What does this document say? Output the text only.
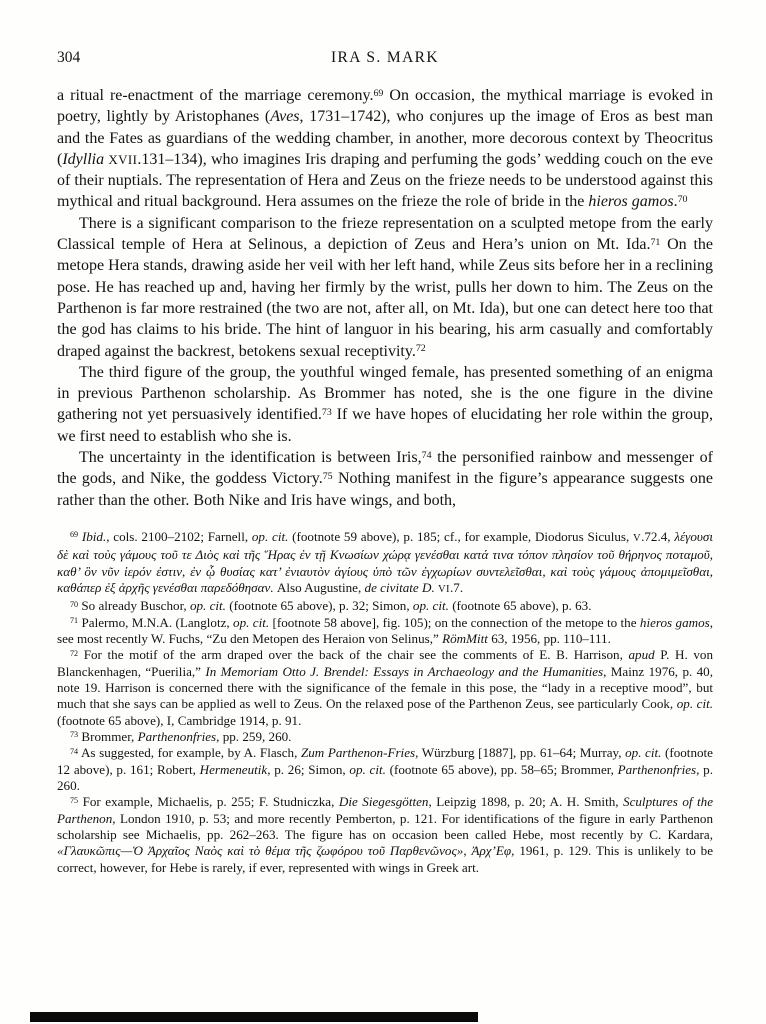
304	IRA S. MARK

a ritual re-enactment of the marriage ceremony.$^{69}$ On occasion, the mythical marriage is evoked in poetry, lightly by Aristophanes (Aves, 1731–1742), who conjures up the image of Eros as best man and the Fates as guardians of the wedding chamber, in another, more decorous context by Theocritus (Idyllia XVII.131–134), who imagines Iris draping and perfuming the gods’ wedding couch on the eve of their nuptials. The representation of Hera and Zeus on the frieze needs to be understood against this mythical and ritual background. Hera assumes on the frieze the role of bride in the hieros gamos.$^{70}$

There is a significant comparison to the frieze representation on a sculpted metope from the early Classical temple of Hera at Selinous, a depiction of Zeus and Hera’s union on Mt. Ida.$^{71}$ On the metope Hera stands, drawing aside her veil with her left hand, while Zeus sits before her in a reclining pose. He has reached up and, having her firmly by the wrist, pulls her down to him. The Zeus on the Parthenon is far more restrained (the two are not, after all, on Mt. Ida), but one can detect here too that the god has claims to his bride. The hint of languor in his bearing, his arm casually and comfortably draped against the backrest, betokens sexual receptivity.$^{72}$

The third figure of the group, the youthful winged female, has presented something of an enigma in previous Parthenon scholarship. As Brommer has noted, she is the one figure in the divine gathering not yet persuasively identified.$^{73}$ If we have hopes of elucidating her role within the group, we first need to establish who she is.

The uncertainty in the identification is between Iris,$^{74}$ the personified rainbow and messenger of the gods, and Nike, the goddess Victory.$^{75}$ Nothing manifest in the figure’s appearance suggests one rather than the other. Both Nike and Iris have wings, and both,

$^{69}$ Ibid., cols. 2100–2102; Farnell, op. cit. (footnote 59 above), p. 185; cf., for example, Diodorus Siculus, V.72.4, λέγουσι δὲ καὶ τοὺς γάμους τοῦ τε Διὸς καὶ τῆς Ἥρας ἐν τῇ Κνωσίων χώρᾳ γενέσθαι κατά τινα τόπον πλησίον τοῦ θήρηνος ποταμοῦ, καθ’ ὃν νῦν ἱερόν ἐστιν, ἐν ᾧ θυσίας κατ’ ἐνιαυτὸν ἁγίους ὑπὸ τῶν ἐγχωρίων συντελεῖσθαι, καὶ τοὺς γάμους ἀπομιμεῖσθαι, καθάπερ ἐξ ἀρχῆς γενέσθαι παρεδόθησαν. Also Augustine, de civitate D. VI.7.

$^{70}$ So already Buschor, op. cit. (footnote 65 above), p. 32; Simon, op. cit. (footnote 65 above), p. 63.

$^{71}$ Palermo, M.N.A. (Langlotz, op. cit. [footnote 58 above], fig. 105); on the connection of the metope to the hieros gamos, see most recently W. Fuchs, “Zu den Metopen des Heraion von Selinus,” RömMitt 63, 1956, pp. 110–111.

$^{72}$ For the motif of the arm draped over the back of the chair see the comments of E. B. Harrison, apud P. H. von Blanckenhagen, “Puerilia,” In Memoriam Otto J. Brendel: Essays in Archaeology and the Humanities, Mainz 1976, p. 40, note 19. Harrison is concerned there with the significance of the female in this pose, the “lady in a receptive mood”, but much that she says can be applied as well to Zeus. On the relaxed pose of the Parthenon Zeus, see particularly Cook, op. cit. (footnote 65 above), I, Cambridge 1914, p. 91.

$^{73}$ Brommer, Parthenonfries, pp. 259, 260.

$^{74}$ As suggested, for example, by A. Flasch, Zum Parthenon-Fries, Würzburg [1887], pp. 61–64; Murray, op. cit. (footnote 12 above), p. 161; Robert, Hermeneutik, p. 26; Simon, op. cit. (footnote 65 above), pp. 58–65; Brommer, Parthenonfries, p. 260.

$^{75}$ For example, Michaelis, p. 255; F. Studniczka, Die Siegesgötten, Leipzig 1898, p. 20; A. H. Smith, Sculptures of the Parthenon, London 1910, p. 53; and more recently Pemberton, p. 121. For identifications of the figure in early Parthenon scholarship see Michaelis, pp. 262–263. The figure has on occasion been called Hebe, most recently by C. Kardara, «Γλαυκῶπις—Ὁ Ἀρχαῖος Ναὸς καὶ τὸ θέμα τῆς ζωφόρου τοῦ Παρθενῶνος», Ἀρχ’Εφ, 1961, p. 129. This is unlikely to be correct, however, for Hebe is rarely, if ever, represented with wings in Greek art.
